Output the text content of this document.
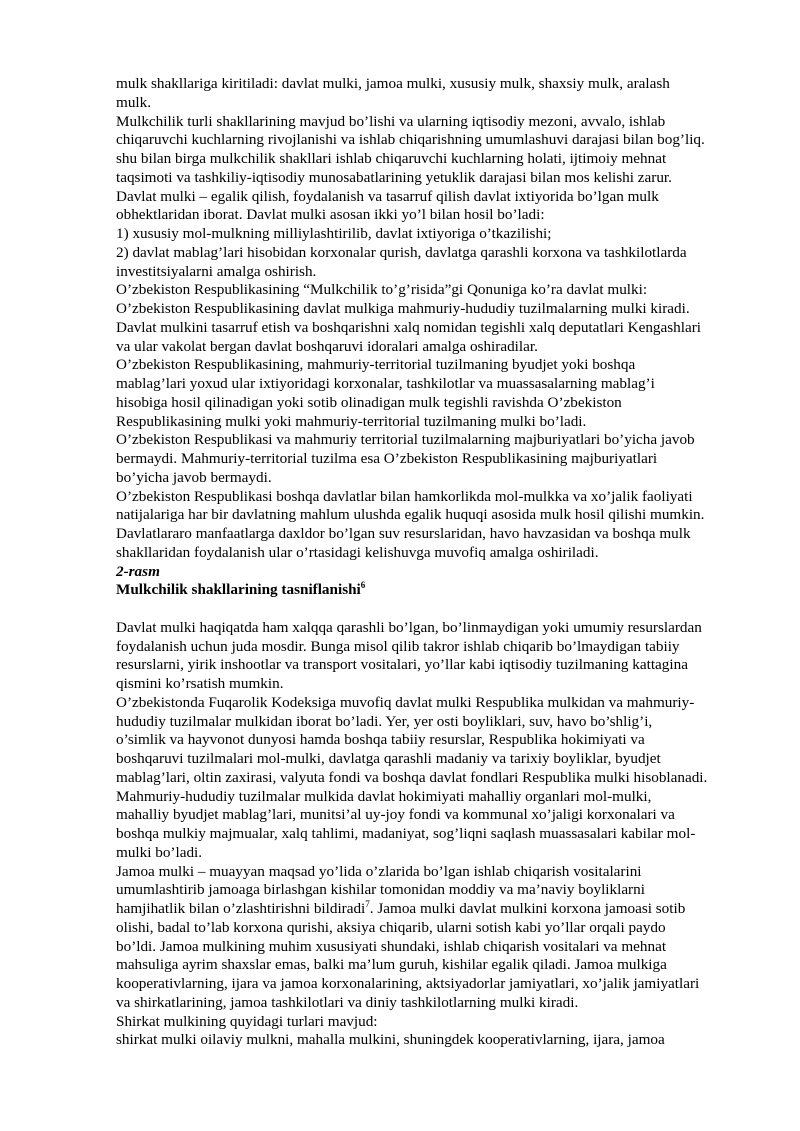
mulk shakllariga kiritiladi: davlat mulki, jamoa mulki, xususiy mulk, shaxsiy mulk, aralash
mulk.

Mulkchilik turli shakllarining mavjud bo’lishi va ularning iqtisodiy mezoni, avvalo, ishlab
chiqaruvchi kuchlarning rivojlanishi va ishlab chiqarishning umumlashuvi darajasi bilan bog’liq.
shu bilan birga mulkchilik shakllari ishlab chiqaruvchi kuchlarning holati, ijtimoiy mehnat
taqsimoti va tashkiliy-iqtisodiy munosabatlarining yetuklik darajasi bilan mos kelishi zarur.

Davlat mulki – egalik qilish, foydalanish va tasarruf qilish davlat ixtiyorida bo’lgan mulk
obhektlaridan iborat. Davlat mulki asosan ikki yo’l bilan hosil bo’ladi:

1) xususiy mol-mulkning milliylashtirilib, davlat ixtiyoriga o’tkazilishi;

2) davlat mablag’lari hisobidan korxonalar qurish, davlatga qarashli korxona va tashkilotlarda
investitsiyalarni amalga oshirish.

O’zbekiston Respublikasining “Mulkchilik to’g’risida”gi Qonuniga ko’ra davlat mulki:

O’zbekiston Respublikasining davlat mulkiga mahmuriy-hududiy tuzilmalarning mulki kiradi.
Davlat mulkini tasarruf etish va boshqarishni xalq nomidan tegishli xalq deputatlari Kengashlari
va ular vakolat bergan davlat boshqaruvi idoralari amalga oshiradilar.

O’zbekiston Respublikasining, mahmuriy-territorial tuzilmaning byudjet yoki boshqa
mablag’lari yoxud ular ixtiyoridagi korxonalar, tashkilotlar va muassasalarning mablag’i
hisobiga hosil qilinadigan yoki sotib olinadigan mulk tegishli ravishda O’zbekiston
Respublikasining mulki yoki mahmuriy-territorial tuzilmaning mulki bo’ladi.

O’zbekiston Respublikasi va mahmuriy territorial tuzilmalarning majburiyatlari bo’yicha javob
bermaydi. Mahmuriy-territorial tuzilma esa O’zbekiston Respublikasining majburiyatlari
bo’yicha javob bermaydi.

O’zbekiston Respublikasi boshqa davlatlar bilan hamkorlikda mol-mulkka va xo’jalik faoliyati
natijalariga har bir davlatning mahlum ulushda egalik huquqi asosida mulk hosil qilishi mumkin.
Davlatlararo manfaatlarga daxldor bo’lgan suv resurslaridan, havo havzasidan va boshqa mulk
shakllaridan foydalanish ular o’rtasidagi kelishuvga muvofiq amalga oshiriladi.

2-rasm

Mulkchilik shakllarining tasniflanishi$^6$

Davlat mulki haqiqatda ham xalqqa qarashli bo’lgan, bo’linmaydigan yoki umumiy resurslardan
foydalanish uchun juda mosdir. Bunga misol qilib takror ishlab chiqarib bo’lmaydigan tabiiy
resurslarni, yirik inshootlar va transport vositalari, yo’llar kabi iqtisodiy tuzilmaning kattagina
qismini ko’rsatish mumkin.

O’zbekistonda Fuqarolik Kodeksiga muvofiq davlat mulki Respublika mulkidan va mahmuriy-
hududiy tuzilmalar mulkidan iborat bo’ladi. Yer, yer osti boyliklari, suv, havo bo’shlig’i,
o’simlik va hayvonot dunyosi hamda boshqa tabiiy resurslar, Respublika hokimiyati va
boshqaruvi tuzilmalari mol-mulki, davlatga qarashli madaniy va tarixiy boyliklar, byudjet
mablag’lari, oltin zaxirasi, valyuta fondi va boshqa davlat fondlari Respublika mulki hisoblanadi.
Mahmuriy-hududiy tuzilmalar mulkida davlat hokimiyati mahalliy organlari mol-mulki,
mahalliy byudjet mablag’lari, munitsi’al uy-joy fondi va kommunal xo’jaligi korxonalari va
boshqa mulkiy majmualar, xalq tahlimi, madaniyat, sog’liqni saqlash muassasalari kabilar mol-
mulki bo’ladi.

Jamoa mulki – muayyan maqsad yo’lida o’zlarida bo’lgan ishlab chiqarish vositalarini
umumlashtirib jamoaga birlashgan kishilar tomonidan moddiy va ma’naviy boyliklarni
hamjihatlik bilan o’zlashtirishni bildiradi$^7$. Jamoa mulki davlat mulkini korxona jamoasi sotib
olishi, badal to’lab korxona qurishi, aksiya chiqarib, ularni sotish kabi yo’llar orqali paydo
bo’ldi. Jamoa mulkining muhim xususiyati shundaki, ishlab chiqarish vositalari va mehnat
mahsuliga ayrim shaxslar emas, balki ma’lum guruh, kishilar egalik qiladi. Jamoa mulkiga
kooperativlarning, ijara va jamoa korxonalarining, aktsiyadorlar jamiyatlari, xo’jalik jamiyatlari
va shirkatlarining, jamoa tashkilotlari va diniy tashkilotlarning mulki kiradi.

Shirkat mulkining quyidagi turlari mavjud:

shirkat mulki oilaviy mulkni, mahalla mulkini, shuningdek kooperativlarning, ijara, jamoa
